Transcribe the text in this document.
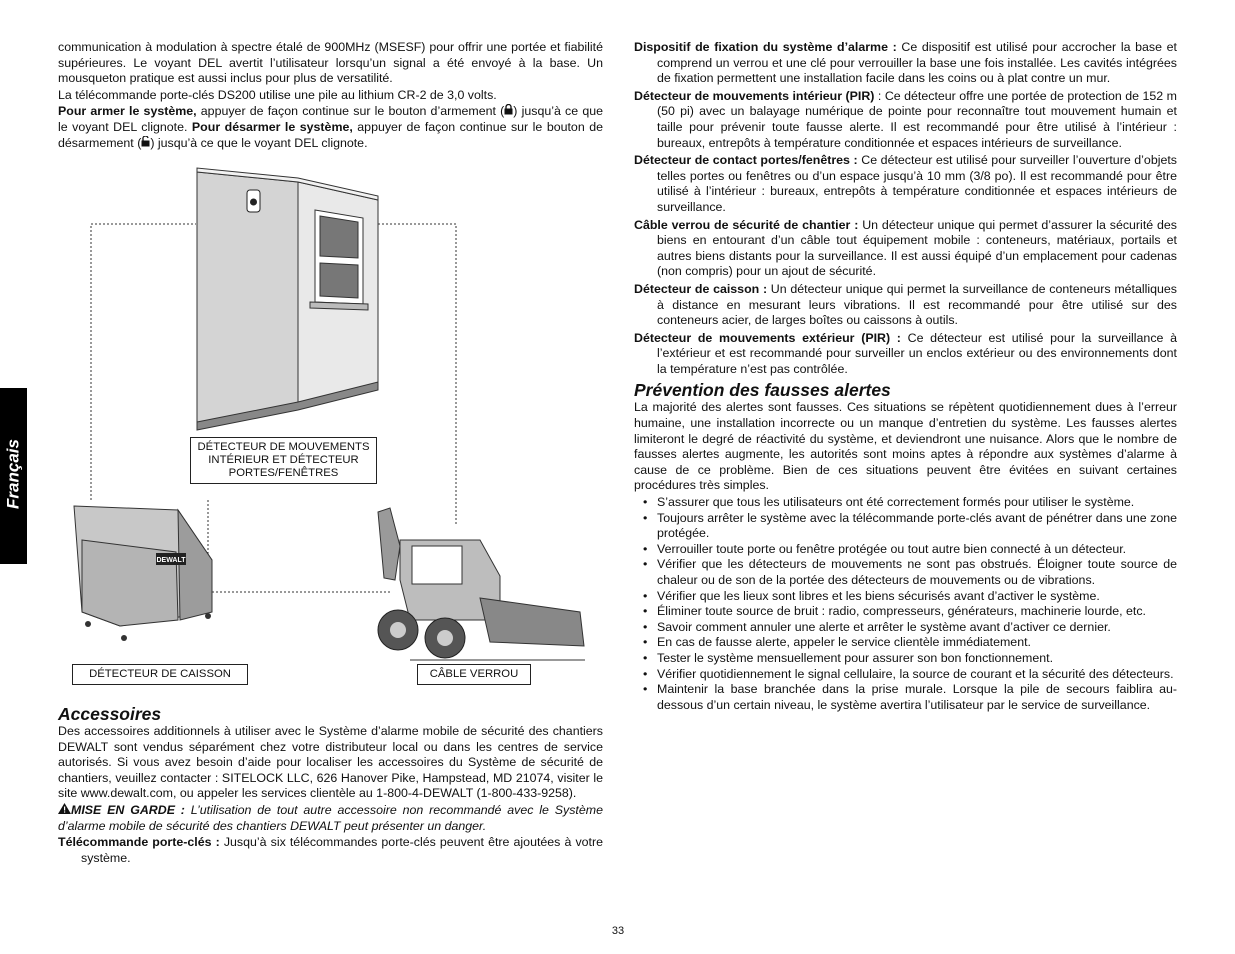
Français

communication à modulation à spectre étalé de 900MHz (MSESF) pour offrir une portée et fiabilité supérieures. Le voyant DEL avertit l’utilisateur lorsqu’un signal a été envoyé à la base. Un mousqueton pratique est aussi inclus pour plus de versatilité.

La télécommande porte-clés DS200 utilise une pile au lithium CR-2 de 3,0 volts.

Pour armer le système, appuyer de façon continue sur le bouton d’armement ( ) jusqu’à ce que le voyant DEL clignote. Pour désarmer le système, appuyer de façon continue sur le bouton de désarmement ( ) jusqu’à ce que le voyant DEL clignote.

DEWALT
DÉTECTEUR DE MOUVEMENTS INTÉRIEUR ET DÉTECTEUR PORTES/FENÊTRES
DÉTECTEUR DE CAISSON	CÂBLE VERROU
Accessoires

Des accessoires additionnels à utiliser avec le Système d’alarme mobile de sécurité des chantiers DEWALT sont vendus séparément chez votre distributeur local ou dans les centres de service autorisés. Si vous avez besoin d’aide pour localiser les accessoires du Système de sécurité de chantiers, veuillez contacter : SITELOCK LLC, 626 Hanover Pike, Hampstead, MD 21074, visiter le site www.dewalt.com, ou appeler les services clientèle au 1-800-4-DEWALT (1-800-433-9258).

MISE EN GARDE : L’utilisation de tout autre accessoire non recommandé avec le Système d’alarme mobile de sécurité des chantiers DEWALT peut présenter un danger.

Télécommande porte-clés : Jusqu’à six télécommandes porte-clés peuvent être ajoutées à votre système.

Dispositif de fixation du système d’alarme : Ce dispositif est utilisé pour accrocher la base et comprend un verrou et une clé pour verrouiller la base une fois installée. Les cavités intégrées de fixation permettent une installation facile dans les coins ou à plat contre un mur.

Détecteur de mouvements intérieur (PIR) : Ce détecteur offre une portée de protection de 152 m (50 pi) avec un balayage numérique de pointe pour reconnaître tout mouvement humain et taille pour prévenir toute fausse alerte. Il est recommandé pour être utilisé à l’intérieur : bureaux, entrepôts à température conditionnée et espaces intérieurs de surveillance.

Détecteur de contact portes/fenêtres : Ce détecteur est utilisé pour surveiller l’ouverture d’objets telles portes ou fenêtres ou d’un espace jusqu’à 10 mm (3/8 po). Il est recommandé pour être utilisé à l’intérieur : bureaux, entrepôts à température conditionnée et espaces intérieurs de surveillance.

Câble verrou de sécurité de chantier : Un détecteur unique qui permet d’assurer la sécurité des biens en entourant d’un câble tout équipement mobile : conteneurs, matériaux, portails et autres biens distants pour la surveillance. Il est aussi équipé d’un emplacement pour cadenas (non compris) pour un ajout de sécurité.

Détecteur de caisson : Un détecteur unique qui permet la surveillance de conteneurs métalliques à distance en mesurant leurs vibrations. Il est recommandé pour être utilisé sur des conteneurs acier, de larges boîtes ou caissons à outils.

Détecteur de mouvements extérieur (PIR) : Ce détecteur est utilisé pour la surveillance à l’extérieur et est recommandé pour surveiller un enclos extérieur ou des environnements dont la température n’est pas contrôlée.

Prévention des fausses alertes

La majorité des alertes sont fausses. Ces situations se répètent quotidiennement dues à l’erreur humaine, une installation incorrecte ou un manque d’entretien du système. Les fausses alertes limiteront le degré de réactivité du système, et deviendront une nuisance. Alors que le nombre de fausses alertes augmente, les autorités sont moins aptes à répondre aux systèmes d’alarme à cause de ce problème. Bien de ces situations peuvent être évitées en suivant certaines procédures très simples.

• S’assurer que tous les utilisateurs ont été correctement formés pour utiliser le système.
• Toujours arrêter le système avec la télécommande porte-clés avant de pénétrer dans une zone protégée.
• Verrouiller toute porte ou fenêtre protégée ou tout autre bien connecté à un détecteur.
• Vérifier que les détecteurs de mouvements ne sont pas obstrués. Éloigner toute source de chaleur ou de son de la portée des détecteurs de mouvements ou de vibrations.
• Vérifier que les lieux sont libres et les biens sécurisés avant d’activer le système.
• Éliminer toute source de bruit : radio, compresseurs, générateurs, machinerie lourde, etc.
• Savoir comment annuler une alerte et arrêter le système avant d’activer ce dernier.
• En cas de fausse alerte, appeler le service clientèle immédiatement.
• Tester le système mensuellement pour assurer son bon fonctionnement.
• Vérifier quotidiennement le signal cellulaire, la source de courant et la sécurité des détecteurs.
• Maintenir la base branchée dans la prise murale. Lorsque la pile de secours faiblira au-dessous d’un certain niveau, le système avertira l’utilisateur par le service de surveillance.
33
